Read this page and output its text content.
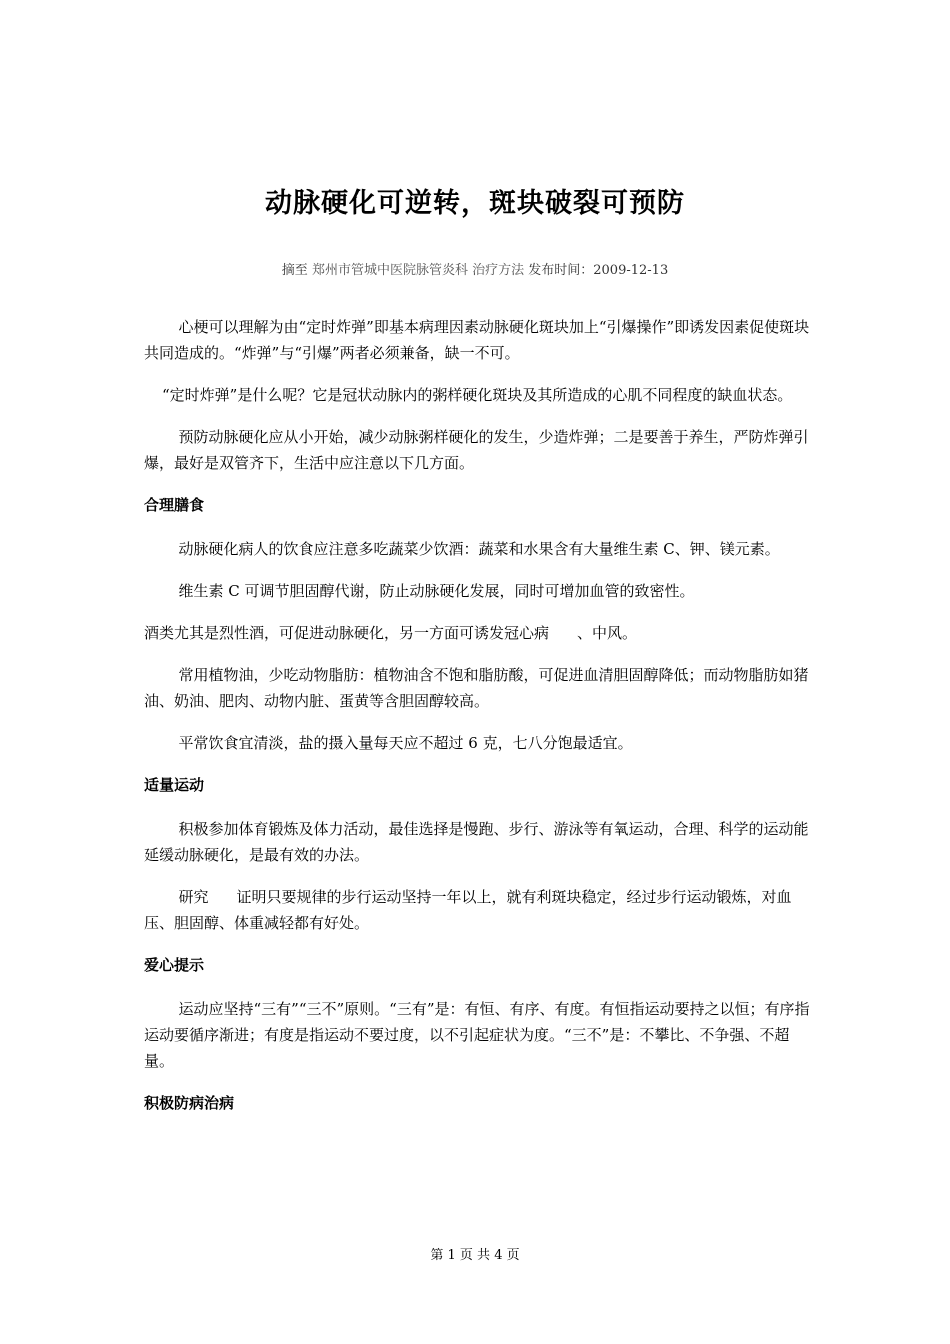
动脉硬化可逆转，斑块破裂可预防
摘至 郑州市管城中医院脉管炎科 治疗方法 发布时间：2009-12-13

心梗可以理解为由“定时炸弹”即基本病理因素动脉硬化斑块加上“引爆操作”即诱发因素促使斑块共同造成的。“炸弹”与“引爆”两者必须兼备，缺一不可。

“定时炸弹”是什么呢？它是冠状动脉内的粥样硬化斑块及其所造成的心肌不同程度的缺血状态。

预防动脉硬化应从小开始，减少动脉粥样硬化的发生，少造炸弹；二是要善于养生，严防炸弹引爆，最好是双管齐下，生活中应注意以下几方面。

合理膳食

动脉硬化病人的饮食应注意多吃蔬菜少饮酒：蔬菜和水果含有大量维生素 C、钾、镁元素。

维生素 C 可调节胆固醇代谢，防止动脉硬化发展，同时可增加血管的致密性。

酒类尤其是烈性酒，可促进动脉硬化，另一方面可诱发冠心病 、中风。

常用植物油，少吃动物脂肪：植物油含不饱和脂肪酸，可促进血清胆固醇降低；而动物脂肪如猪油、奶油、肥肉、动物内脏、蛋黄等含胆固醇较高。

平常饮食宜清淡，盐的摄入量每天应不超过 6 克，七八分饱最适宜。

适量运动

积极参加体育锻炼及体力活动，最佳选择是慢跑、步行、游泳等有氧运动，合理、科学的运动能延缓动脉硬化，是最有效的办法。

研究 证明只要规律的步行运动坚持一年以上，就有利斑块稳定，经过步行运动锻炼，对血压、胆固醇、体重减轻都有好处。

爱心提示

运动应坚持“三有”“三不”原则。“三有”是：有恒、有序、有度。有恒指运动要持之以恒；有序指运动要循序渐进；有度是指运动不要过度，以不引起症状为度。“三不”是：不攀比、不争强、不超量。

积极防病治病
第 1 页 共 4 页
